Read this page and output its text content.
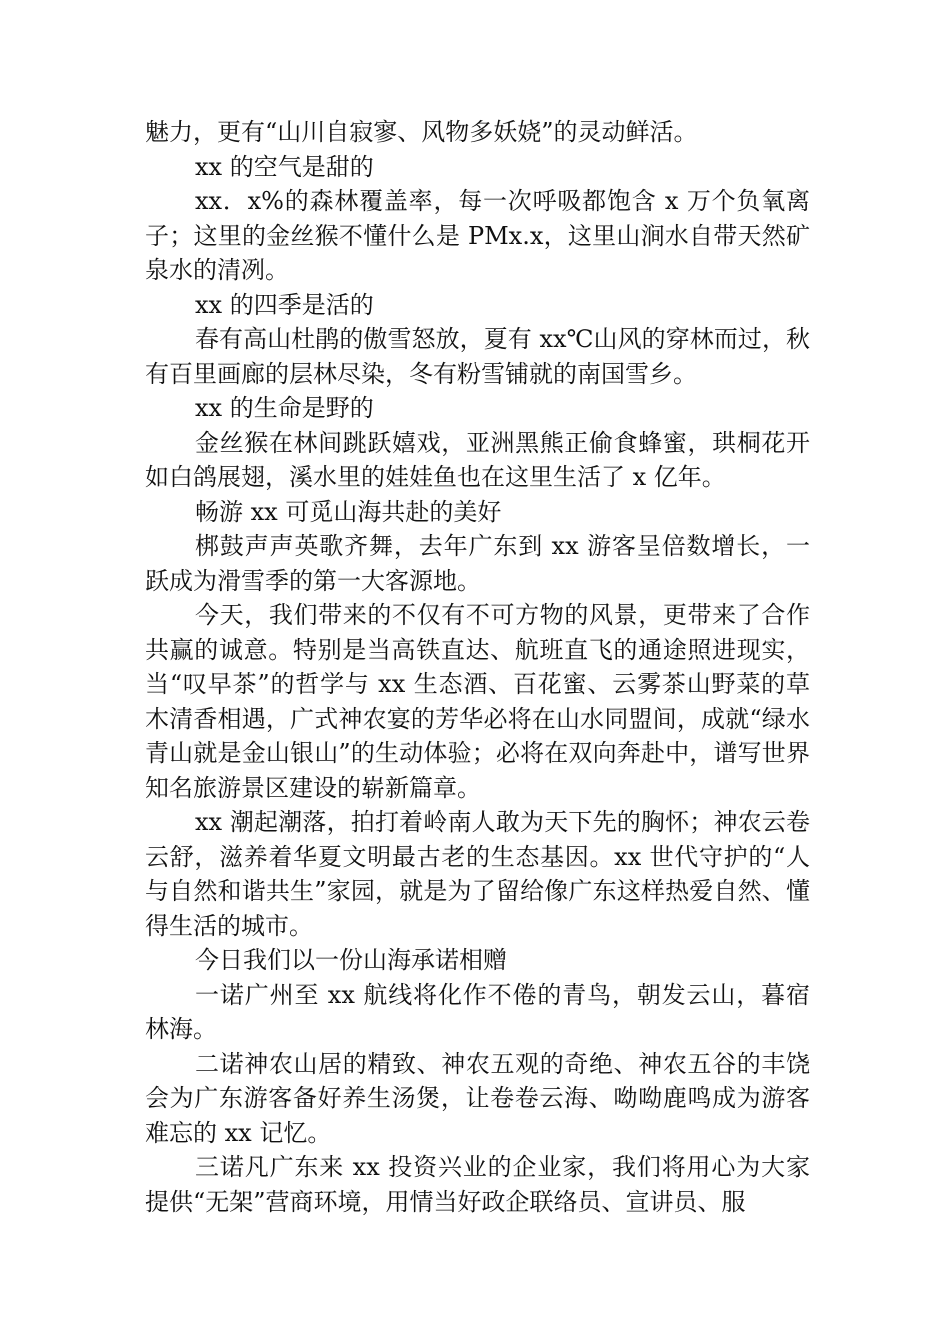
魅力，更有“山川自寂寥、风物多妖娆”的灵动鲜活。

xx 的空气是甜的

xx．x%的森林覆盖率，每一次呼吸都饱含 x 万个负氧离子；这里的金丝猴不懂什么是 PMx.x，这里山涧水自带天然矿泉水的清冽。

xx 的四季是活的

春有高山杜鹃的傲雪怒放，夏有 xx℃山风的穿林而过，秋有百里画廊的层林尽染，冬有粉雪铺就的南国雪乡。

xx 的生命是野的

金丝猴在林间跳跃嬉戏，亚洲黑熊正偷食蜂蜜，珙桐花开如白鸽展翅，溪水里的娃娃鱼也在这里生活了 x 亿年。

畅游 xx 可觅山海共赴的美好

梆鼓声声英歌齐舞，去年广东到 xx 游客呈倍数增长，一跃成为滑雪季的第一大客源地。

今天，我们带来的不仅有不可方物的风景，更带来了合作共赢的诚意。特别是当高铁直达、航班直飞的通途照进现实，当“叹早茶”的哲学与 xx 生态酒、百花蜜、云雾茶山野菜的草木清香相遇，广式神农宴的芳华必将在山水同盟间，成就“绿水青山就是金山银山”的生动体验；必将在双向奔赴中，谱写世界知名旅游景区建设的崭新篇章。

xx 潮起潮落，拍打着岭南人敢为天下先的胸怀；神农云卷云舒，滋养着华夏文明最古老的生态基因。xx 世代守护的“人与自然和谐共生”家园，就是为了留给像广东这样热爱自然、懂得生活的城市。

今日我们以一份山海承诺相赠

一诺广州至 xx 航线将化作不倦的青鸟，朝发云山，暮宿林海。

二诺神农山居的精致、神农五观的奇绝、神农五谷的丰饶会为广东游客备好养生汤煲，让卷卷云海、呦呦鹿鸣成为游客难忘的 xx 记忆。

三诺凡广东来 xx 投资兴业的企业家，我们将用心为大家提供“无架”营商环境，用情当好政企联络员、宣讲员、服
